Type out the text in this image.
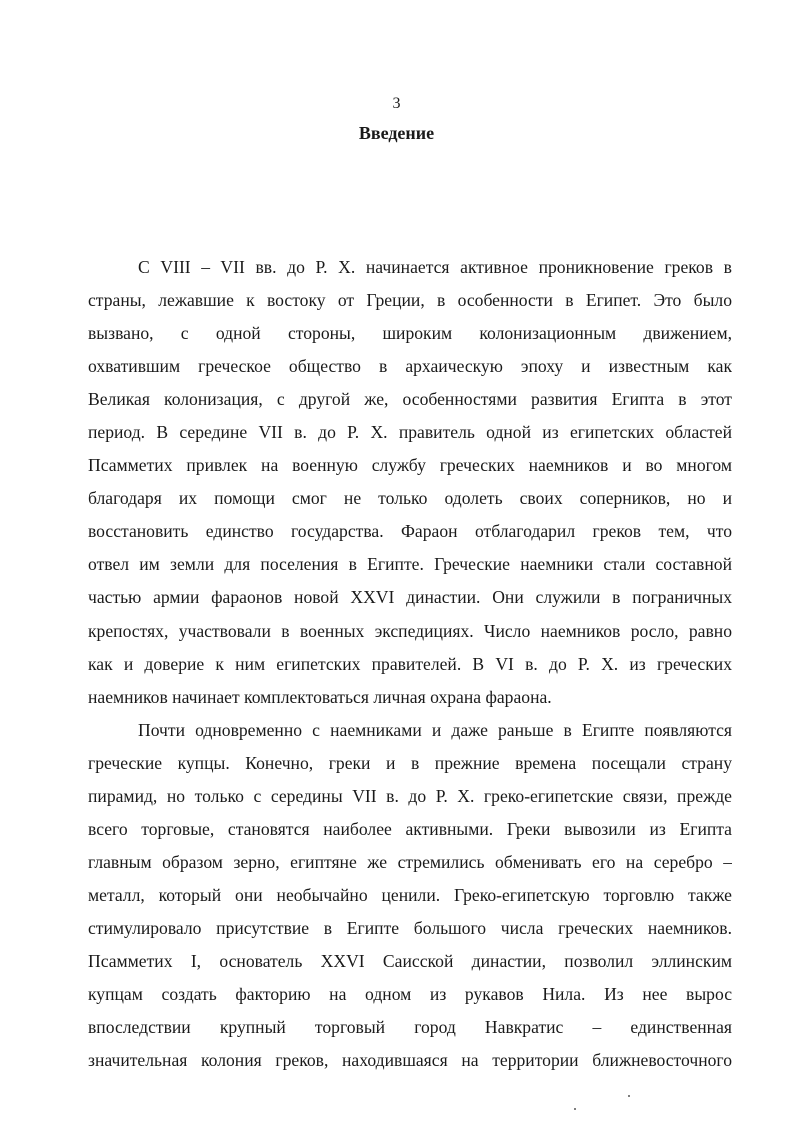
3
Введение
С VIII – VII вв. до Р. Х. начинается активное проникновение греков в
страны, лежавшие к востоку от Греции, в особенности в Египет. Это было
вызвано, с одной стороны, широким колонизационным движением,
охватившим греческое общество в архаическую эпоху и известным как
Великая колонизация, с другой же, особенностями развития Египта в этот
период. В середине VII в. до Р. Х. правитель одной из египетских областей
Псамметих привлек на военную службу греческих наемников и во многом
благодаря их помощи смог не только одолеть своих соперников, но и
восстановить единство государства. Фараон отблагодарил греков тем, что
отвел им земли для поселения в Египте. Греческие наемники стали составной
частью армии фараонов новой XXVI династии. Они служили в пограничных
крепостях, участвовали в военных экспедициях. Число наемников росло, равно
как и доверие к ним египетских правителей. В VI в. до Р. Х. из греческих
наемников начинает комплектоваться личная охрана фараона.
Почти одновременно с наемниками и даже раньше в Египте появляются
греческие купцы. Конечно, греки и в прежние времена посещали страну
пирамид, но только с середины VII в. до Р. Х. греко-египетские связи, прежде
всего торговые, становятся наиболее активными. Греки вывозили из Египта
главным образом зерно, египтяне же стремились обменивать его на серебро –
металл, который они необычайно ценили. Греко-египетскую торговлю также
стимулировало присутствие в Египте большого числа греческих наемников.
Псамметих I, основатель XXVI Саисской династии, позволил эллинским
купцам создать факторию на одном из рукавов Нила. Из нее вырос
впоследствии крупный торговый город Навкратис – единственная
значительная колония греков, находившаяся на территории ближневосточного
